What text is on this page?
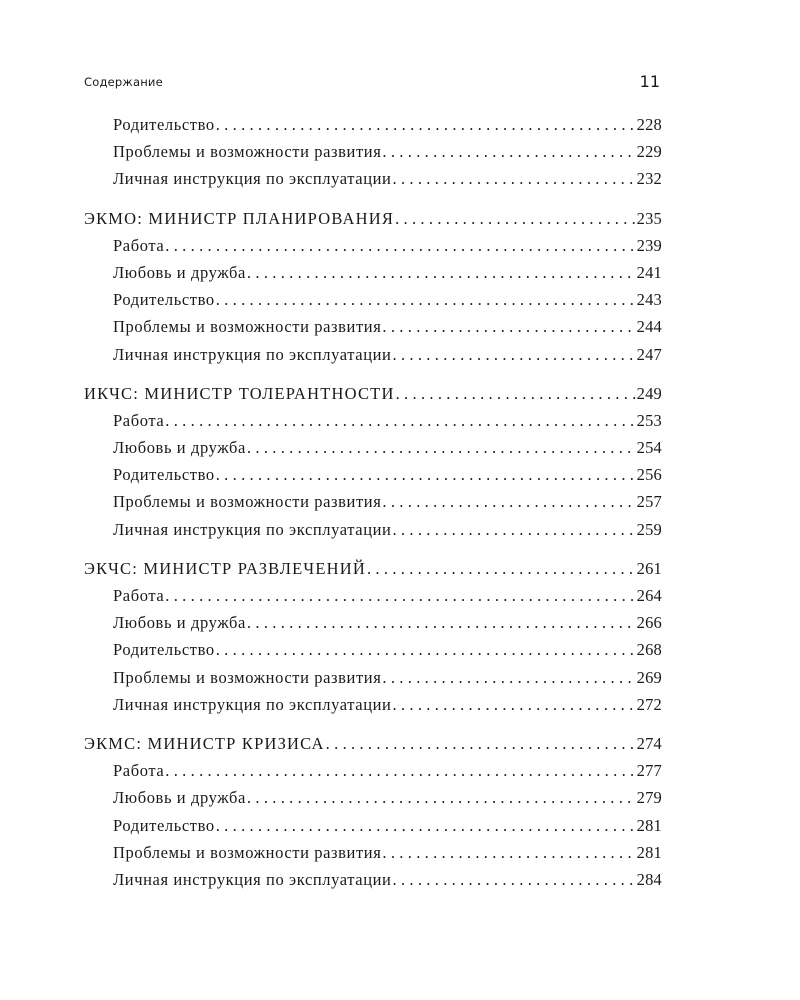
Содержание	11
Родительство . . .	228
Проблемы и возможности развития . . .	229
Личная инструкция по эксплуатации . . .	232
ЭКМО: МИНИСТР ПЛАНИРОВАНИЯ . . .	235
Работа . . .	239
Любовь и дружба . . .	241
Родительство . . .	243
Проблемы и возможности развития . . .	244
Личная инструкция по эксплуатации . . .	247
ИКЧС: МИНИСТР ТОЛЕРАНТНОСТИ . . .	249
Работа . . .	253
Любовь и дружба . . .	254
Родительство . . .	256
Проблемы и возможности развития . . .	257
Личная инструкция по эксплуатации . . .	259
ЭКЧС: МИНИСТР РАЗВЛЕЧЕНИЙ . . .	261
Работа . . .	264
Любовь и дружба . . .	266
Родительство . . .	268
Проблемы и возможности развития . . .	269
Личная инструкция по эксплуатации . . .	272
ЭКМС: МИНИСТР КРИЗИСА . . .	274
Работа . . .	277
Любовь и дружба . . .	279
Родительство . . .	281
Проблемы и возможности развития . . .	281
Личная инструкция по эксплуатации . . .	284
